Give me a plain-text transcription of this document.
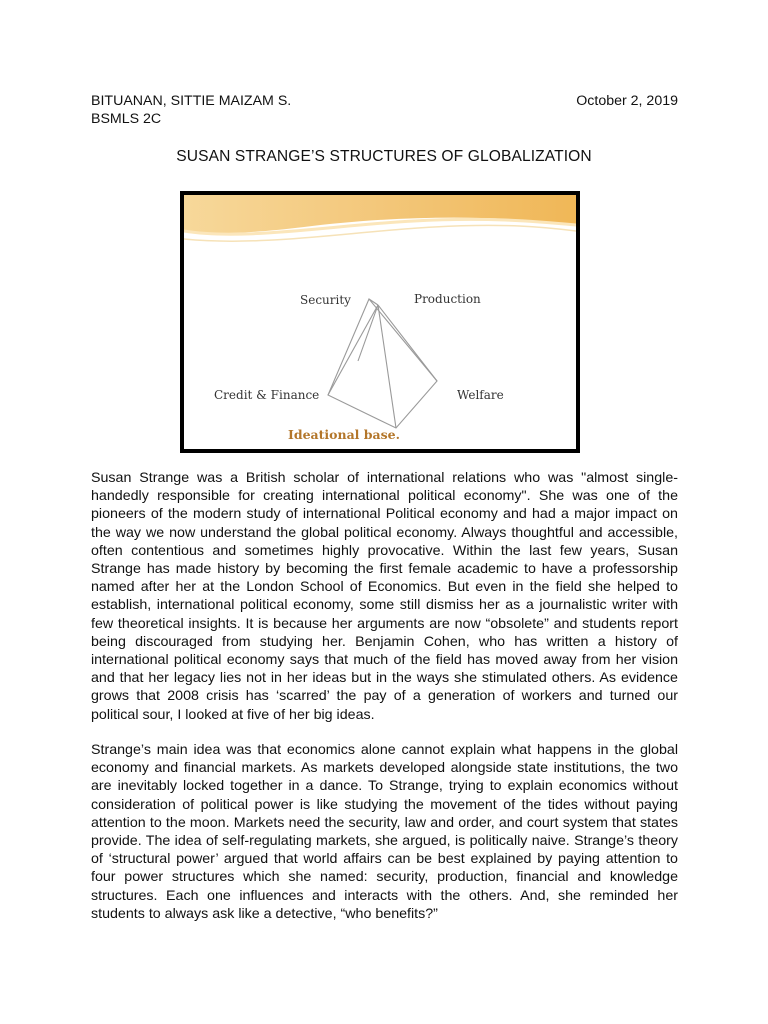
BITUANAN, SITTIE MAIZAM S.
BSMLS 2C
October 2, 2019
SUSAN STRANGE’S STRUCTURES OF GLOBALIZATION
Security	Production
Credit & Finance	Welfare
Ideational base.

Susan Strange was a British scholar of international relations who was "almost single-handedly responsible for creating international political economy". She was one of the pioneers of the modern study of international Political economy and had a major impact on the way we now understand the global political economy. Always thoughtful and accessible, often contentious and sometimes highly provocative. Within the last few years, Susan Strange has made history by becoming the first female academic to have a professorship named after her at the London School of Economics. But even in the field she helped to establish, international political economy, some still dismiss her as a journalistic writer with few theoretical insights. It is because her arguments are now “obsolete” and students report being discouraged from studying her. Benjamin Cohen, who has written a history of international political economy says that much of the field has moved away from her vision and that her legacy lies not in her ideas but in the ways she stimulated others. As evidence grows that 2008 crisis has ‘scarred’ the pay of a generation of workers and turned our political sour, I looked at five of her big ideas.

Strange’s main idea was that economics alone cannot explain what happens in the global economy and financial markets. As markets developed alongside state institutions, the two are inevitably locked together in a dance. To Strange, trying to explain economics without consideration of political power is like studying the movement of the tides without paying attention to the moon. Markets need the security, law and order, and court system that states provide. The idea of self-regulating markets, she argued, is politically naive. Strange’s theory of ‘structural power’ argued that world affairs can be best explained by paying attention to four power structures which she named: security, production, financial and knowledge structures. Each one influences and interacts with the others. And, she reminded her students to always ask like a detective, “who benefits?”
